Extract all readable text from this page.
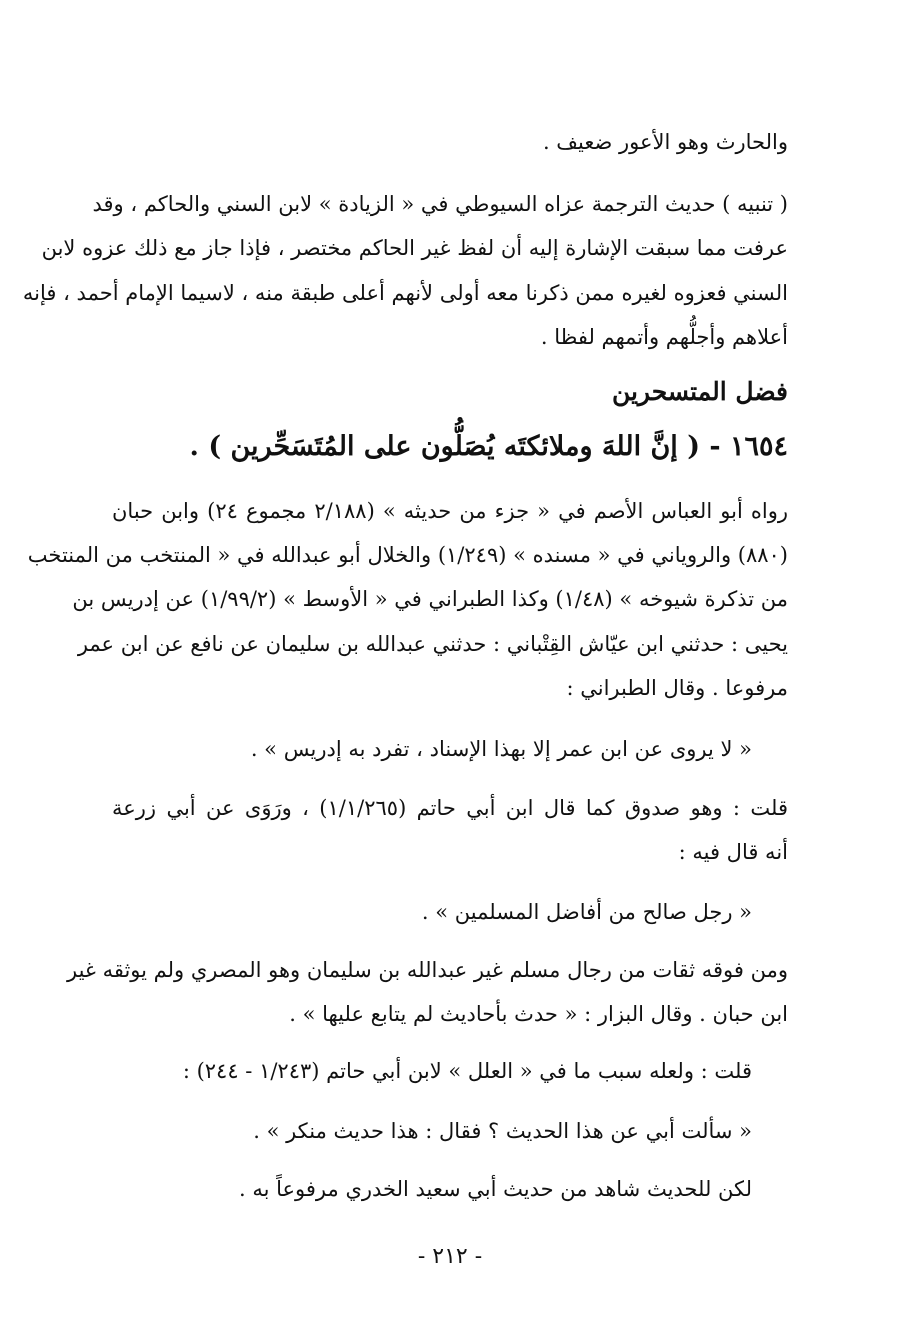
والحارث وهو الأعور ضعيف .
( تنبيه ) حديث الترجمة عزاه السيوطي في « الزيادة » لابن السني والحاكم ، وقد
عرفت مما سبقت الإشارة إليه أن لفظ غير الحاكم مختصر ، فإذا جاز مع ذلك عزوه لابن
السني فعزوه لغيره ممن ذكرنا معه أولى لأنهم أعلى طبقة منه ، لاسيما الإمام أحمد ، فإنه
أعلاهم وأجلُّهم وأتمهم لفظا .
فضل المتسحرين
١٦٥٤ - ( إنَّ اللهَ وملائكتَه يُصَلُّون على المُتَسَحِّرين ) .
رواه أبو العباس الأصم في « جزء من حديثه » (٢/١٨٨ مجموع ٢٤) وابن حبان
(٨٨٠) والروياني في « مسنده » (١/٢٤٩) والخلال أبو عبدالله في « المنتخب من المنتخب
من تذكرة شيوخه » (١/٤٨) وكذا الطبراني في « الأوسط » (١/٩٩/٢) عن إدريس بن
يحيى : حدثني ابن عيّاش القِتْباني : حدثني عبدالله بن سليمان عن نافع عن ابن عمر
مرفوعا . وقال الطبراني :
« لا يروى عن ابن عمر إلا بهذا الإسناد ، تفرد به إدريس » .
قلت : وهو صدوق كما قال ابن أبي حاتم (١/١/٢٦٥) ، ورَوَى عن أبي زرعة
أنه قال فيه :
« رجل صالح من أفاضل المسلمين » .
ومن فوقه ثقات من رجال مسلم غير عبدالله بن سليمان وهو المصري ولم يوثقه غير
ابن حبان . وقال البزار : « حدث بأحاديث لم يتابع عليها » .
قلت : ولعله سبب ما في « العلل » لابن أبي حاتم (١/٢٤٣ - ٢٤٤) :
« سألت أبي عن هذا الحديث ؟ فقال : هذا حديث منكر » .
لكن للحديث شاهد من حديث أبي سعيد الخدري مرفوعاً به .
- ٢١٢ -
